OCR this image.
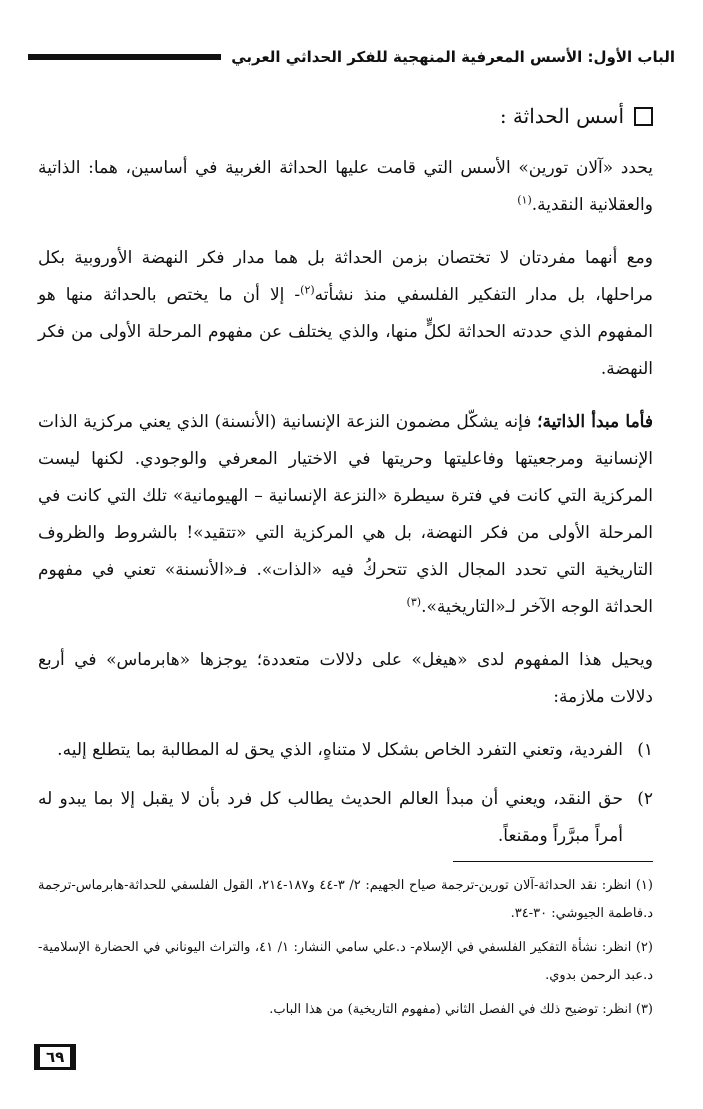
الباب الأول: الأسس المعرفية المنهجية للفكر الحداثي العربي
أسس الحداثة :

يحدد «آلان تورين» الأسس التي قامت عليها الحداثة الغربية في أساسين، هما: الذاتية والعقلانية النقدية.$^{(١)}$

ومع أنهما مفردتان لا تختصان بزمن الحداثة بل هما مدار فكر النهضة الأوروبية بكل مراحلها، بل مدار التفكير الفلسفي منذ نشأته$^{(٢)}$- إلا أن ما يختص بالحداثة منها هو المفهوم الذي حددته الحداثة لكلٍّ منها، والذي يختلف عن مفهوم المرحلة الأولى من فكر النهضة.

فأما مبدأ الذاتية؛ فإنه يشكّل مضمون النزعة الإنسانية (الأنسنة) الذي يعني مركزية الذات الإنسانية ومرجعيتها وفاعليتها وحريتها في الاختيار المعرفي والوجودي. لكنها ليست المركزية التي كانت في فترة سيطرة «النزعة الإنسانية – الهيومانية» تلك التي كانت في المرحلة الأولى من فكر النهضة، بل هي المركزية التي «تتقيد»! بالشروط والظروف التاريخية التي تحدد المجال الذي تتحركُ فيه «الذات». فـ«الأنسنة» تعني في مفهوم الحداثة الوجه الآخر لـ«التاريخية».$^{(٣)}$

ويحيل هذا المفهوم لدى «هيغل» على دلالات متعددة؛ يوجزها «هابرماس» في أربع دلالات ملازمة:

١)
الفردية، وتعني التفرد الخاص بشكل لا متناهٍ، الذي يحق له المطالبة بما يتطلع إليه.
٢)
حق النقد، ويعني أن مبدأ العالم الحديث يطالب كل فرد بأن لا يقبل إلا بما يبدو له أمراً مبرَّراً ومقنعاً.

(١) انظر: نقد الحداثة-آلان تورين-ترجمة صياح الجهيم: ٢/ ٣-٤٤ و١٨٧-٢١٤، القول الفلسفي للحداثة-هابرماس-ترجمة د.فاطمة الجيوشي: ٣٠-٣٤.

(٢) انظر: نشأة التفكير الفلسفي في الإسلام- د.علي سامي النشار: ١/ ٤١، والتراث اليوناني في الحضارة الإسلامية-د.عبد الرحمن بدوي.

(٣) انظر: توضيح ذلك في الفصل الثاني (مفهوم التاريخية) من هذا الباب.

٦٩
